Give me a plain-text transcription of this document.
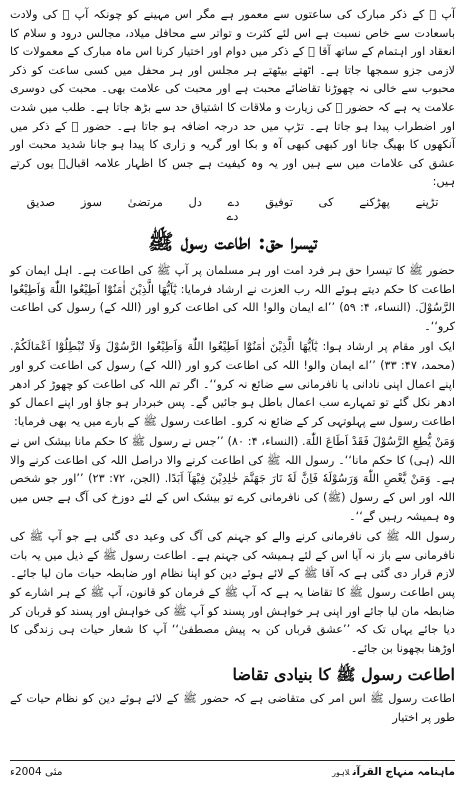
آپ ﷺ کے ذکر مبارک کی ساعتوں سے معمور ہے مگر اس مہینے کو چونکہ آپ ﷺ کی ولادت باسعادت سے خاص نسبت ہے اس لئے کثرت و تواتر سے محافل میلاد، مجالس درود و سلام کا انعقاد اور اہتمام کے ساتھ آقا ﷺ کے ذکر میں دوام اور اختیار کرنا اس ماہ مبارک کے معمولات کا لازمی جزو سمجھا جاتا ہے۔ اٹھتے بیٹھتے ہر مجلس اور ہر محفل میں کسی ساعت کو ذکر محبوب سے خالی نہ چھوڑنا تقاضائے محبت ہے اور محبت کی علامت بھی۔ محبت کی دوسری علامت یہ ہے کہ حضور ﷺ کی زیارت و ملاقات کا اشتیاق حد سے بڑھ جاتا ہے۔ طلب میں شدت اور اضطراب پیدا ہو جاتا ہے۔ تڑپ میں حد درجہ اضافہ ہو جاتا ہے۔ حضور ﷺ کے ذکر میں آنکھوں کا بھیگ جانا اور کبھی کبھی آہ و بکا اور گریہ و زاری کا پیدا ہو جانا شدید محبت اور عشق کی علامات میں سے ہیں اور یہ وہ کیفیت ہے جس کا اظہار علامہ اقبالؒ یوں کرتے ہیں:

تڑپنے پھڑکنے کی توفیق دے دل مرتضیٰ سوز صدیق دے
تیسرا حق: اطاعت رسول ﷺ

حضور ﷺ کا تیسرا حق ہر فرد امت اور ہر مسلمان پر آپ ﷺ کی اطاعت ہے۔ اہل ایمان کو اطاعت کا حکم دیتے ہوئے اللہ رب العزت نے ارشاد فرمایا: يٰٓاَيُّهَا الَّذِيْنَ اٰمَنُوْٓا اَطِيْعُوا اللّٰهَ وَاَطِيْعُوا الرَّسُوْلَ. (النساء، ۴: ۵۹) ’’اے ایمان والو! اللہ کی اطاعت کرو اور (اللہ کے) رسول کی اطاعت کرو‘‘۔

ایک اور مقام پر ارشاد ہوا: يٰٓاَيُّهَا الَّذِيْنَ اٰمَنُوْٓا اَطِيْعُوا اللّٰهَ وَاَطِيْعُوا الرَّسُوْلَ وَلَا تُبْطِلُوْٓا اَعْمَالَكُمْ. (محمد، ۴۷: ۳۳) ’’اے ایمان والو! اللہ کی اطاعت کرو اور (اللہ کے) رسول کی اطاعت کرو اور اپنے اعمال اپنی نادانی یا نافرمانی سے ضائع نہ کرو‘‘۔ اگر تم اللہ کی اطاعت کو چھوڑ کر ادھر ادھر نکل گئے تو تمہارے سب اعمال باطل ہو جائیں گے۔ پس خبردار ہو جاؤ اور اپنے اعمال کو اطاعت رسول سے پہلوتہی کر کے ضائع نہ کرو۔ اطاعت رسول ﷺ کے بارے میں یہ بھی فرمایا:

وَمَنْ يُّطِعِ الرَّسُوْلَ فَقَدْ اَطَاعَ اللّٰهَ. (النساء، ۴: ۸۰) ’’جس نے رسول ﷺ کا حکم مانا بیشک اس نے اللہ (ہی) کا حکم مانا‘‘۔ رسول اللہ ﷺ کی اطاعت کرنے والا دراصل اللہ کی اطاعت کرنے والا ہے۔ وَمَنْ يَّعْصِ اللّٰهَ وَرَسُوْلَهٗ فَاِنَّ لَهٗ نَارَ جَهَنَّمَ خٰلِدِيْنَ فِيْهَآ اَبَدًا. (الجن، ۷۲: ۲۳) ’’اور جو شخص اللہ اور اس کے رسول (ﷺ) کی نافرمانی کرے تو بیشک اس کے لئے دوزخ کی آگ ہے جس میں وہ ہمیشہ رہیں گے‘‘۔

رسول اللہ ﷺ کی نافرمانی کرنے والے کو جہنم کی آگ کی وعید دی گئی ہے جو آپ ﷺ کی نافرمانی سے باز نہ آیا اس کے لئے ہمیشہ کی جہنم ہے۔ اطاعت رسول ﷺ کے ذیل میں یہ بات لازم قرار دی گئی ہے کہ آقا ﷺ کے لائے ہوئے دین کو اپنا نظام اور ضابطہ حیات مان لیا جائے۔ پس اطاعت رسول ﷺ کا تقاضا یہ ہے کہ آپ ﷺ کے فرمان کو قانون، آپ ﷺ کے ہر اشارے کو ضابطہ مان لیا جائے اور اپنی ہر خواہش اور پسند کو آپ ﷺ کی خواہش اور پسند کو قربان کر دیا جائے یہاں تک کہ ’’عشق قرباں کن بہ پیش مصطفیٰ‘‘ آپ کا شعار حیات ہی زندگی کا اوڑھنا بچھونا بن جائے۔

اطاعت رسول ﷺ کا بنیادی تقاضا

اطاعت رسول ﷺ اس امر کی متقاضی ہے کہ حضور ﷺ کے لائے ہوئے دین کو نظام حیات کے طور پر اختیار

ماہنامہ منہاج القرآنلاہور
مئی 2004ء
